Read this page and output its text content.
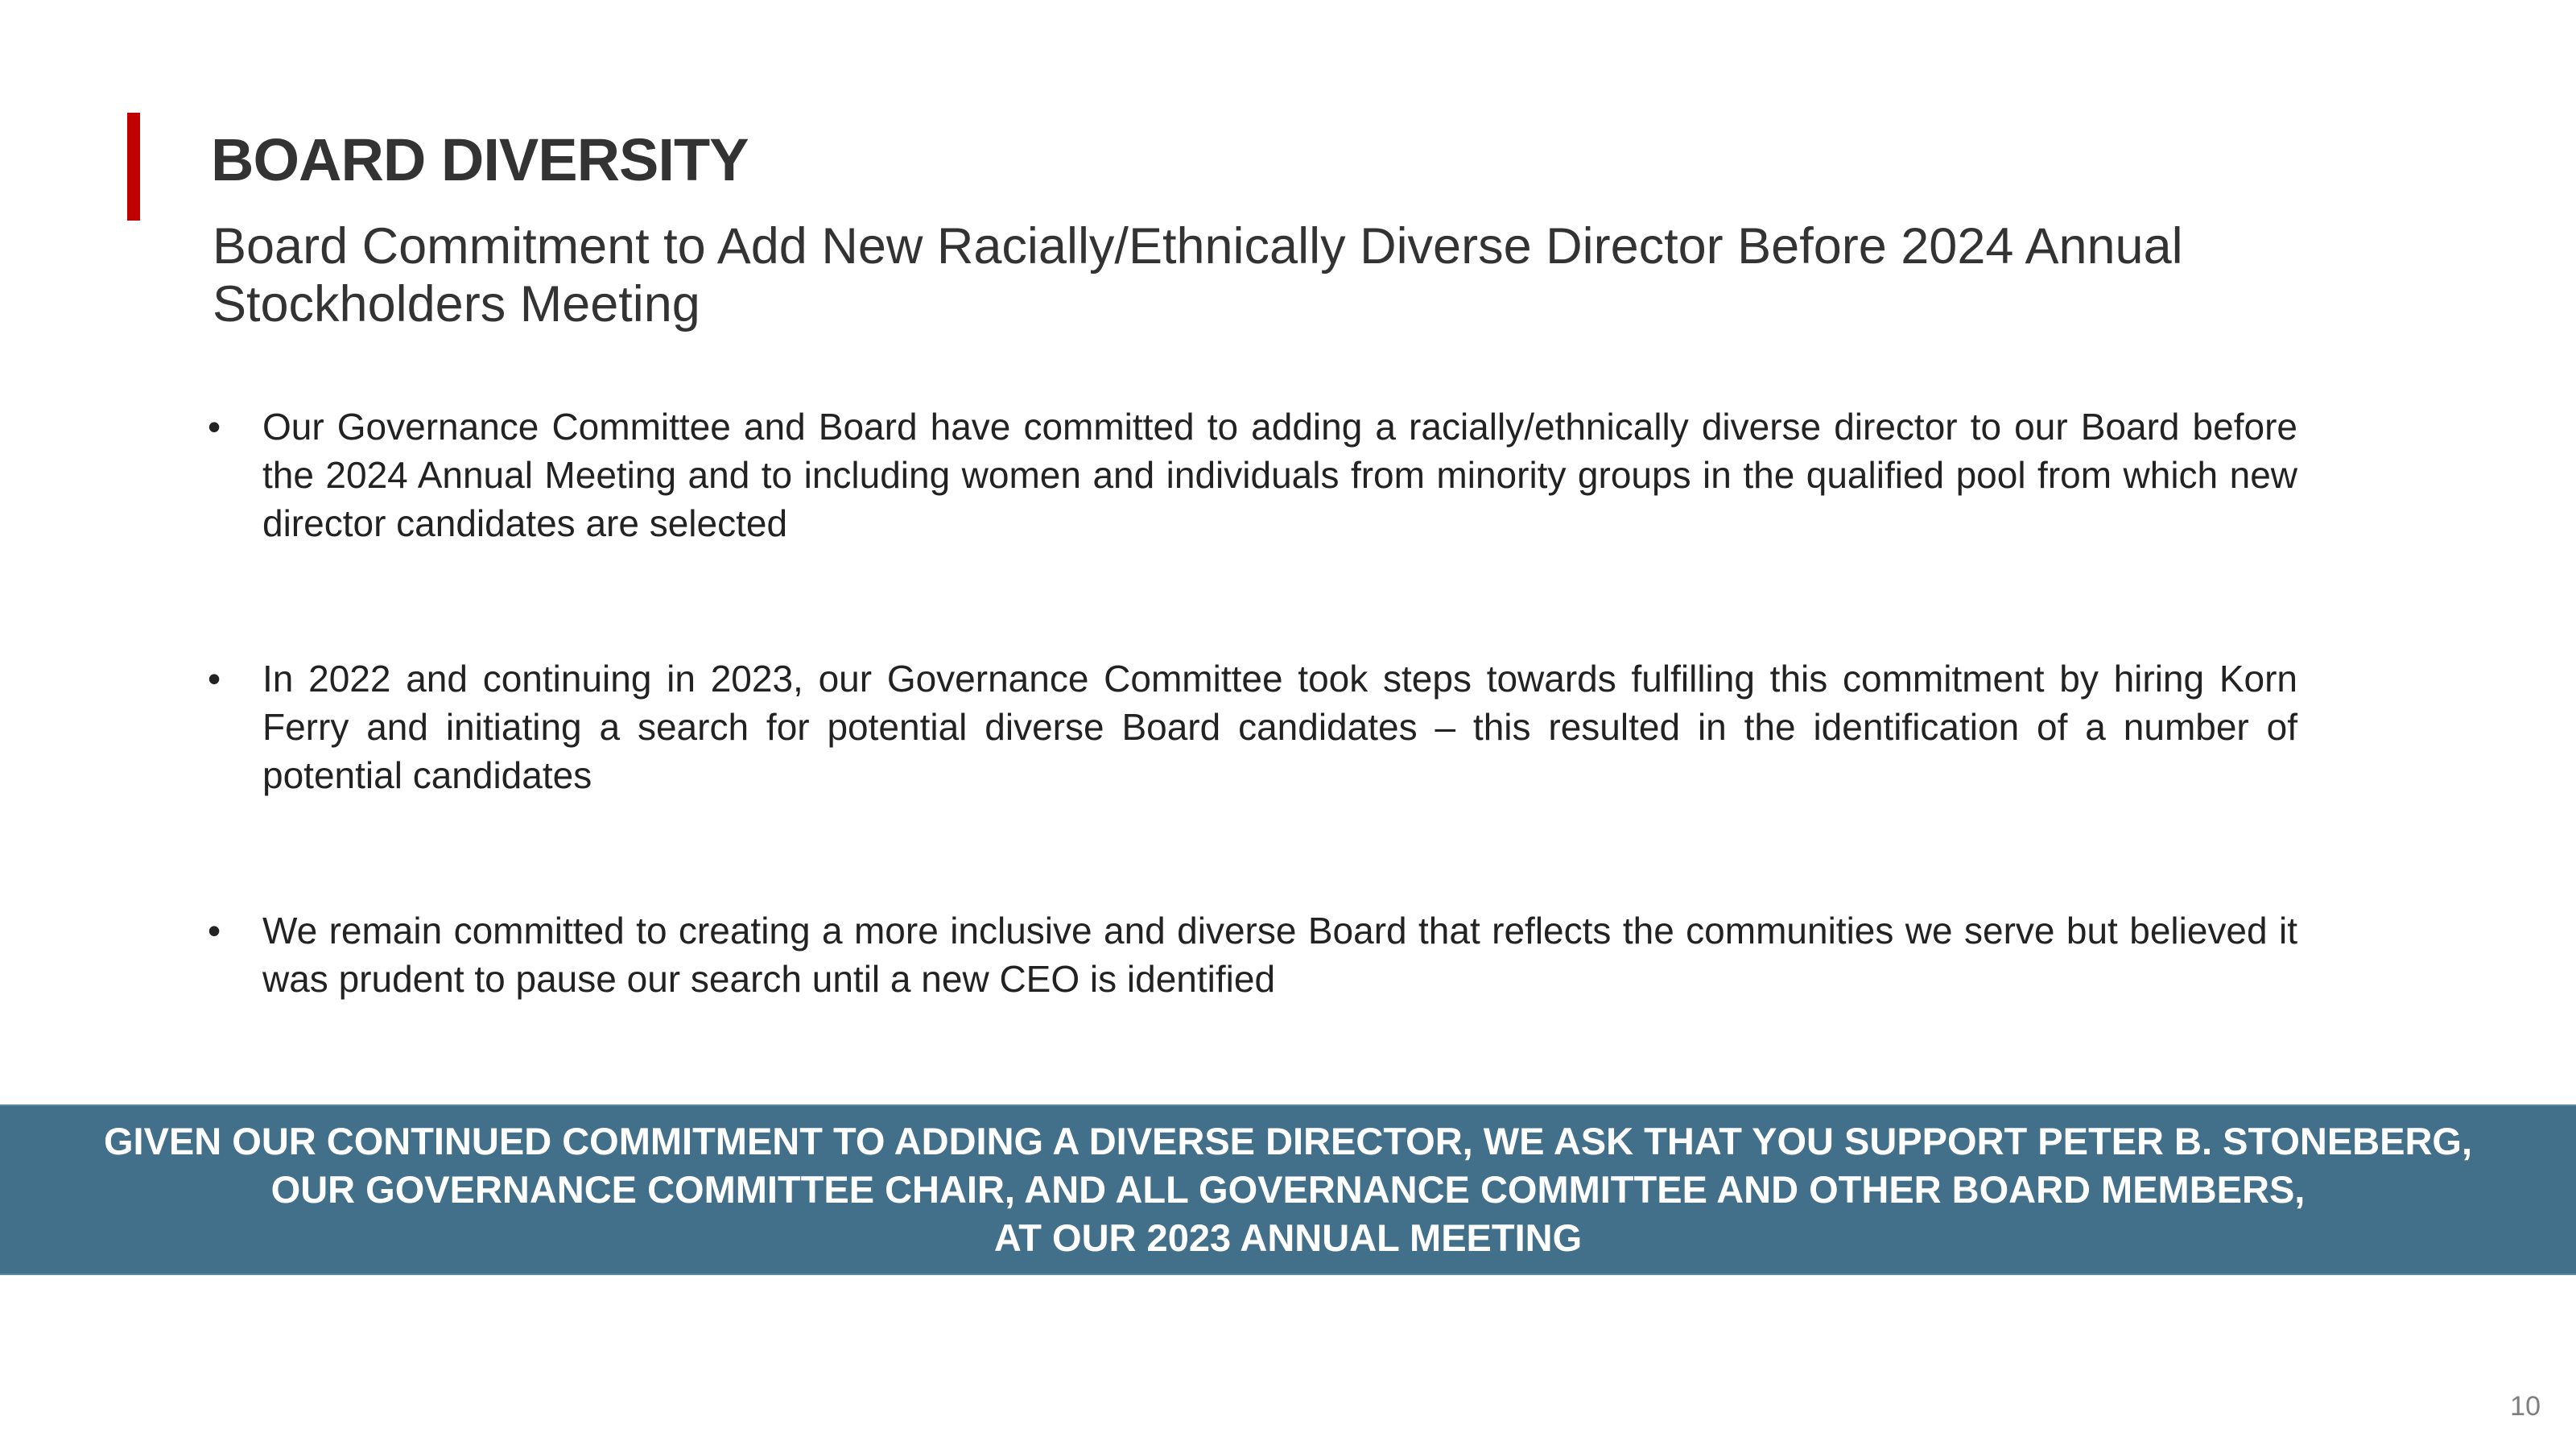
BOARD DIVERSITY
Board Commitment to Add New Racially/Ethnically Diverse Director Before 2024 Annual Stockholders Meeting
• Our Governance Committee and Board have committed to adding a racially/ethnically diverse director to our Board before the 2024 Annual Meeting and to including women and individuals from minority groups in the qualified pool from which new director candidates are selected
• In 2022 and continuing in 2023, our Governance Committee took steps towards fulfilling this commitment by hiring Korn Ferry and initiating a search for potential diverse Board candidates – this resulted in the identification of a number of potential candidates
• We remain committed to creating a more inclusive and diverse Board that reflects the communities we serve but believed it was prudent to pause our search until a new CEO is identified
GIVEN OUR CONTINUED COMMITMENT TO ADDING A DIVERSE DIRECTOR, WE ASK THAT YOU SUPPORT PETER B. STONEBERG,
OUR GOVERNANCE COMMITTEE CHAIR, AND ALL GOVERNANCE COMMITTEE AND OTHER BOARD MEMBERS,
AT OUR 2023 ANNUAL MEETING
10
